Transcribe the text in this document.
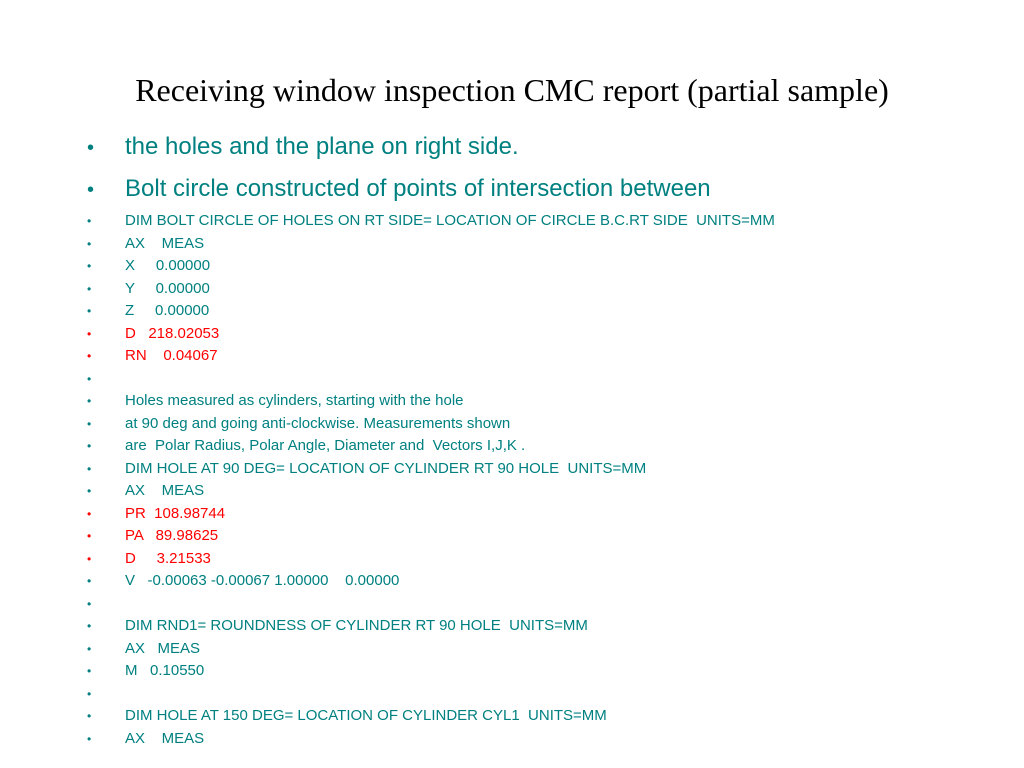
Receiving window inspection CMC report (partial sample)
•	the holes and the plane on right side.
•	Bolt circle constructed of points of intersection between
•	DIM BOLT CIRCLE OF HOLES ON RT SIDE= LOCATION OF CIRCLE B.C.RT SIDE  UNITS=MM
•	AX    MEAS
•	X     0.00000
•	Y     0.00000
•	Z     0.00000
•	D   218.02053
•	RN    0.04067
•
•	Holes measured as cylinders, starting with the hole
•	at 90 deg and going anti-clockwise. Measurements shown
•	are  Polar Radius, Polar Angle, Diameter and  Vectors I,J,K .
•	DIM HOLE AT 90 DEG= LOCATION OF CYLINDER RT 90 HOLE  UNITS=MM
•	AX    MEAS
•	PR  108.98744
•	PA   89.98625
•	D     3.21533
•	V   -0.00063 -0.00067 1.00000    0.00000
•
•	DIM RND1= ROUNDNESS OF CYLINDER RT 90 HOLE  UNITS=MM
•	AX   MEAS
•	M   0.10550
•
•	DIM HOLE AT 150 DEG= LOCATION OF CYLINDER CYL1  UNITS=MM
•	AX    MEAS
